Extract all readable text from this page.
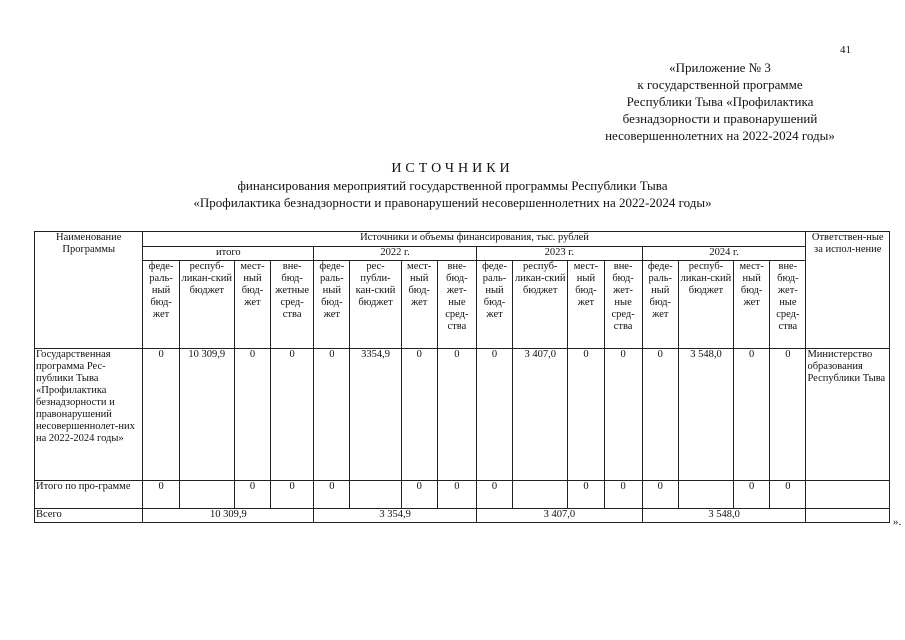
41
«Приложение № 3
к государственной программе
Республики Тыва «Профилактика
безнадзорности и правонарушений
несовершеннолетних на 2022-2024 годы»
ИСТОЧНИКИ
финансирования мероприятий государственной программы Республики Тыва
«Профилактика безнадзорности и правонарушений несовершеннолетних на 2022-2024 годы»
Наименование Программы	Источники и объемы финансирования, тыс. рублей																Ответствен-ные за испол-нение
	итого				2022 г.				2023 г.				2024 г.				
	феде-раль-ный бюд-жет	респуб-ликан-ский бюджет	мест-ный бюд-жет	вне-бюд-жетные сред-ства	феде-раль-ный бюд-жет	рес-публи-кан-ский бюджет	мест-ный бюд-жет	вне-бюд-жет-ные сред-ства	феде-раль-ный бюд-жет	респуб-ликан-ский бюджет	мест-ный бюд-жет	вне-бюд-жет-ные сред-ства	феде-раль-ный бюд-жет	респуб-ликан-ский бюджет	мест-ный бюд-жет	вне-бюд-жет-ные сред-ства	
Государственная программа Рес-публики Тыва «Профилактика безнадзорности и правонарушений несовершеннолет-них на 2022-2024 годы»	0	10 309,9	0	0	0	3354,9	0	0	0	3 407,0	0	0	0	3 548,0	0	0	Министерство образования Республики Тыва
Итого по про-грамме	0		0	0	0		0	0	0		0	0	0		0	0	
Всего	10 309,9				3 354,9				3 407,0				3 548,0				
».
